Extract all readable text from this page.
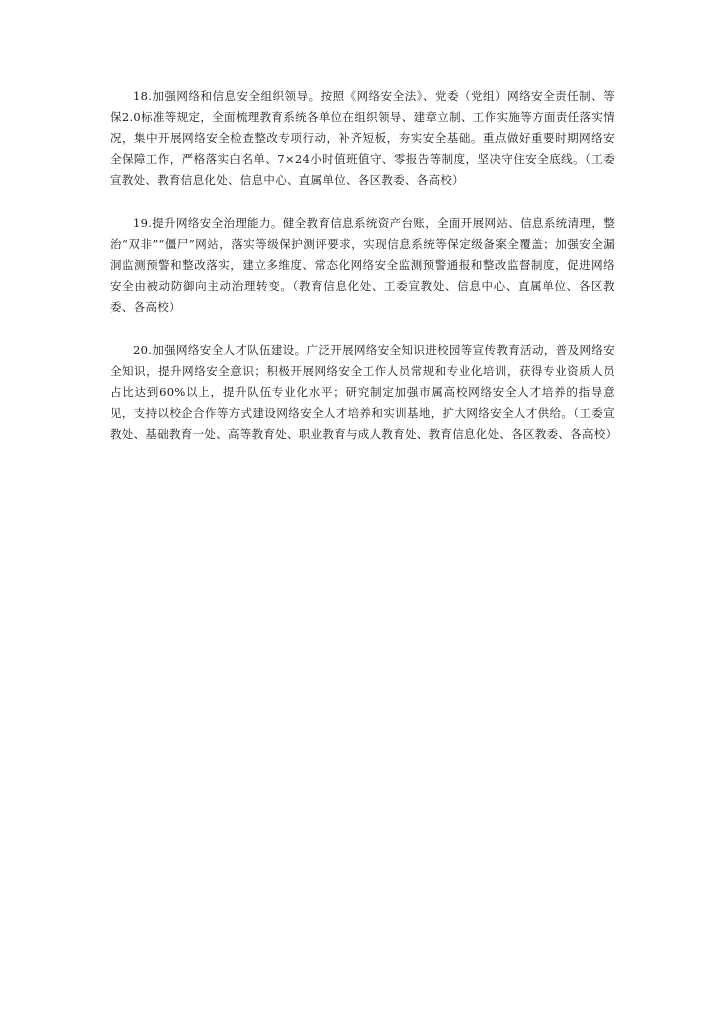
18.加强网络和信息安全组织领导。按照《网络安全法》、党委（党组）网络安全责任制、等保2.0标准等规定，全面梳理教育系统各单位在组织领导、建章立制、工作实施等方面责任落实情况，集中开展网络安全检查整改专项行动，补齐短板，夯实安全基础。重点做好重要时期网络安全保障工作，严格落实白名单、7×24小时值班值守、零报告等制度，坚决守住安全底线。（工委宣教处、教育信息化处、信息中心、直属单位、各区教委、各高校）

19.提升网络安全治理能力。健全教育信息系统资产台账，全面开展网站、信息系统清理，整治“双非”“僵尸”网站，落实等级保护测评要求，实现信息系统等保定级备案全覆盖；加强安全漏洞监测预警和整改落实，建立多维度、常态化网络安全监测预警通报和整改监督制度，促进网络安全由被动防御向主动治理转变。（教育信息化处、工委宣教处、信息中心、直属单位、各区教委、各高校）

20.加强网络安全人才队伍建设。广泛开展网络安全知识进校园等宣传教育活动，普及网络安全知识，提升网络安全意识；积极开展网络安全工作人员常规和专业化培训，获得专业资质人员占比达到60%以上，提升队伍专业化水平；研究制定加强市属高校网络安全人才培养的指导意见，支持以校企合作等方式建设网络安全人才培养和实训基地，扩大网络安全人才供给。（工委宣教处、基础教育一处、高等教育处、职业教育与成人教育处、教育信息化处、各区教委、各高校）
